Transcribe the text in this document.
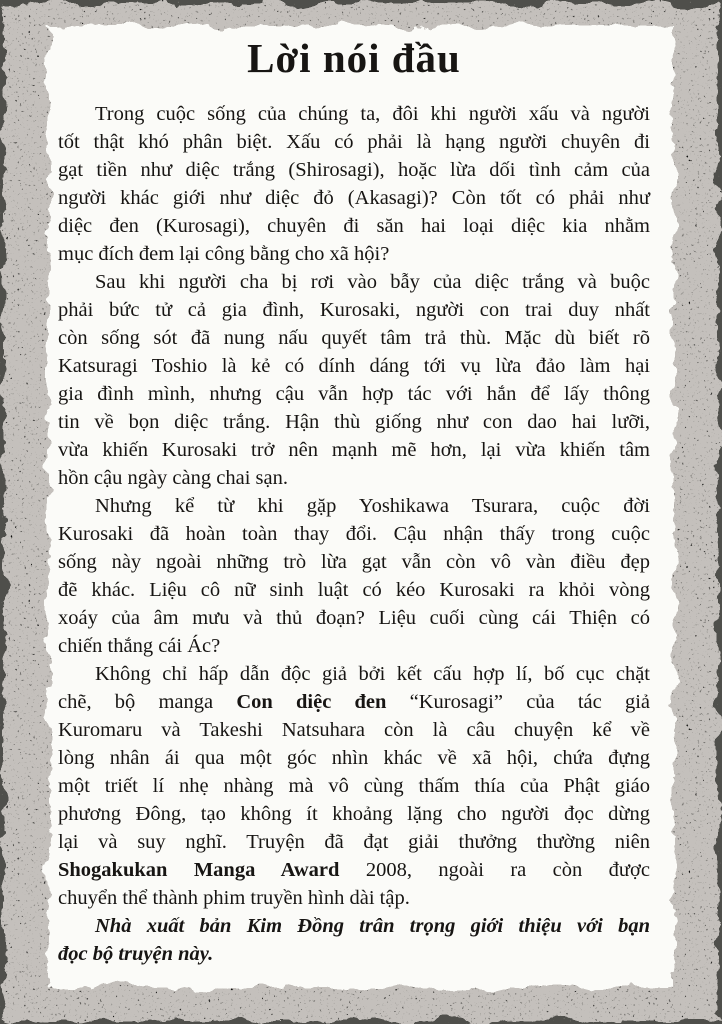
Lời nói đầu
Trong cuộc sống của chúng ta, đôi khi người xấu và người
tốt thật khó phân biệt. Xấu có phải là hạng người chuyên đi
gạt tiền như diệc trắng (Shirosagi), hoặc lừa dối tình cảm của
người khác giới như diệc đỏ (Akasagi)? Còn tốt có phải như
diệc đen (Kurosagi), chuyên đi săn hai loại diệc kia nhằm
mục đích đem lại công bằng cho xã hội?
Sau khi người cha bị rơi vào bẫy của diệc trắng và buộc
phải bức tử cả gia đình, Kurosaki, người con trai duy nhất
còn sống sót đã nung nấu quyết tâm trả thù. Mặc dù biết rõ
Katsuragi Toshio là kẻ có dính dáng tới vụ lừa đảo làm hại
gia đình mình, nhưng cậu vẫn hợp tác với hắn để lấy thông
tin về bọn diệc trắng. Hận thù giống như con dao hai lưỡi,
vừa khiến Kurosaki trở nên mạnh mẽ hơn, lại vừa khiến tâm
hồn cậu ngày càng chai sạn.
Nhưng kể từ khi gặp Yoshikawa Tsurara, cuộc đời
Kurosaki đã hoàn toàn thay đổi. Cậu nhận thấy trong cuộc
sống này ngoài những trò lừa gạt vẫn còn vô vàn điều đẹp
đẽ khác. Liệu cô nữ sinh luật có kéo Kurosaki ra khỏi vòng
xoáy của âm mưu và thủ đoạn? Liệu cuối cùng cái Thiện có
chiến thắng cái Ác?
Không chỉ hấp dẫn độc giả bởi kết cấu hợp lí, bố cục chặt
chẽ, bộ manga Con diệc đen “Kurosagi” của tác giả
Kuromaru và Takeshi Natsuhara còn là câu chuyện kể về
lòng nhân ái qua một góc nhìn khác về xã hội, chứa đựng
một triết lí nhẹ nhàng mà vô cùng thấm thía của Phật giáo
phương Đông, tạo không ít khoảng lặng cho người đọc dừng
lại và suy nghĩ. Truyện đã đạt giải thưởng thường niên
Shogakukan Manga Award 2008, ngoài ra còn được
chuyển thể thành phim truyền hình dài tập.
Nhà xuất bản Kim Đồng trân trọng giới thiệu với bạn
đọc bộ truyện này.
